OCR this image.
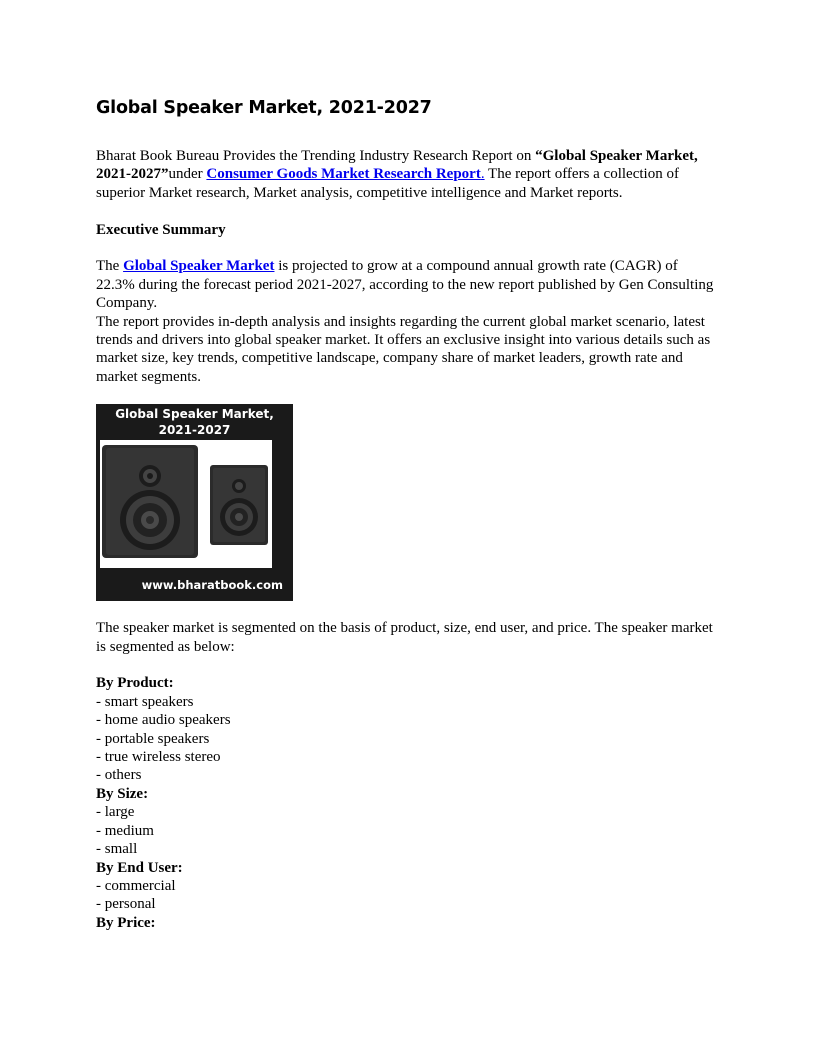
Global Speaker Market, 2021-2027

Bharat Book Bureau Provides the Trending Industry Research Report on “Global Speaker Market, 2021-2027”under Consumer Goods Market Research Report. The report offers a collection of superior Market research, Market analysis, competitive intelligence and Market reports.

Executive Summary

The Global Speaker Market is projected to grow at a compound annual growth rate (CAGR) of 22.3% during the forecast period 2021-2027, according to the new report published by Gen Consulting Company.

The report provides in-depth analysis and insights regarding the current global market scenario, latest trends and drivers into global speaker market. It offers an exclusive insight into various details such as market size, key trends, competitive landscape, company share of market leaders, growth rate and market segments.

Global Speaker Market,
2021-2027
www.bharatbook.com

The speaker market is segmented on the basis of product, size, end user, and price. The speaker market is segmented as below:

By Product:
- smart speakers
- home audio speakers
- portable speakers
- true wireless stereo
- others
By Size:
- large
- medium
- small
By End User:
- commercial
- personal
By Price:
